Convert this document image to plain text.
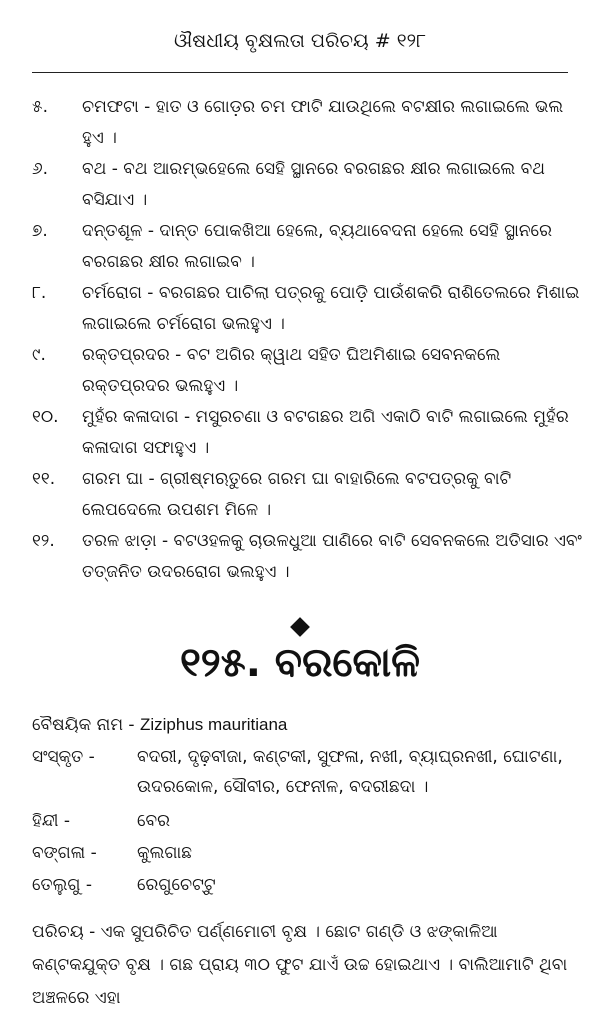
ଔଷଧୀୟ ବୃକ୍ଷଲତା ପରିଚୟ # ୧୨୮
୫. ଚମଫଟା - ହାତ ଓ ଗୋଡ଼ର ଚମ ଫାଟି ଯାଉଥିଲେ ବଟକ୍ଷୀର ଲଗାଇଲେ ଭଲ ହୁଏ ।
୬. ବଥ - ବଥ ଆରମ୍ଭହେଲେ ସେହି ସ୍ଥାନରେ ବରଗଛର କ୍ଷୀର ଲଗାଇଲେ ବଥ ବସିଯାଏ ।
୭. ଦନ୍ତଶୂଳ - ଦାନ୍ତ ପୋକଖିଆ ହେଲେ, ବ୍ୟଥାବେଦନା ହେଲେ ସେହି ସ୍ଥାନରେ ବରଗଛର କ୍ଷୀର ଲଗାଇବ ।
୮. ଚର୍ମରୋଗ - ବରଗଛର ପାଚିଲା ପତ୍ରକୁ ପୋଡ଼ି ପାଉଁଶକରି ରାଶିତେଲରେ ମିଶାଇ ଲଗାଇଲେ ଚର୍ମରୋଗ ଭଲହୁଏ ।
୯. ରକ୍ତପ୍ରଦର - ବଟ ଅଗିର କ୍ୱାଥ ସହିତ ଘିଅମିଶାଇ ସେବନକଲେ ରକ୍ତପ୍ରଦର ଭଲହୁଏ ।
୧୦. ମୁହଁର କଳାଦାଗ - ମସୁରଚଣା ଓ ବଟଗଛର ଅଗି ଏକାଠି ବାଟି ଲଗାଇଲେ ମୁହଁର କଳାଦାଗ ସଫାହୁଏ ।
୧୧. ଗରମ ଘା - ଗ୍ରୀଷ୍ମଋତୁରେ ଗରମ ଘା ବାହାରିଲେ ବଟପତ୍ରକୁ ବାଟି ଲେପଦେଲେ ଉପଶମ ମିଳେ ।
୧୨. ତରଳ ଝାଡ଼ା - ବଟଓହଳକୁ ଚାଉଳଧୁଆ ପାଣିରେ ବାଟି ସେବନକଲେ ଅତିସାର ଏବଂ ତତ୍‌ଜନିତ ଉଦରରୋଗ ଭଲହୁଏ ।
୧୨୫. ବରକୋଳି
ବୈଷୟିକ ନାମ - Ziziphus mauritiana
ସଂସ୍କୃତ - ବଦରୀ, ଦୃଢ଼ବୀଜା, କଣ୍ଟକୀ, ସୁଫଳା, ନଖୀ, ବ୍ୟାଘ୍ରନଖୀ, ଘୋଟଣା, ଉଦରକୋଳ, ସୌବୀର, ଫେନୀଳ, ବଦରୀଛଦା ।
ହିନ୍ଦୀ -	ବେର
ବଙ୍ଗଳା - କୁଲଗାଛ
ତେଲୁଗୁ -	ରେଗୁଚେଟ୍ଟୁ
ପରିଚୟ - ଏକ ସୁପରିଚିତ ପର୍ଣ୍ଣମୋଚୀ ବୃକ୍ଷ । ଛୋଟ ଗଣ୍ଡି ଓ ଝଙ୍କାଳିଆ କଣ୍ଟକଯୁକ୍ତ ବୃକ୍ଷ । ଗଛ ପ୍ରାୟ ୩୦ ଫୁଟ ଯାଏଁ ଉଚ୍ଚ ହୋଇଥାଏ । ବାଲିଆମାଟି ଥିବା ଅଞ୍ଚଳରେ ଏହା
